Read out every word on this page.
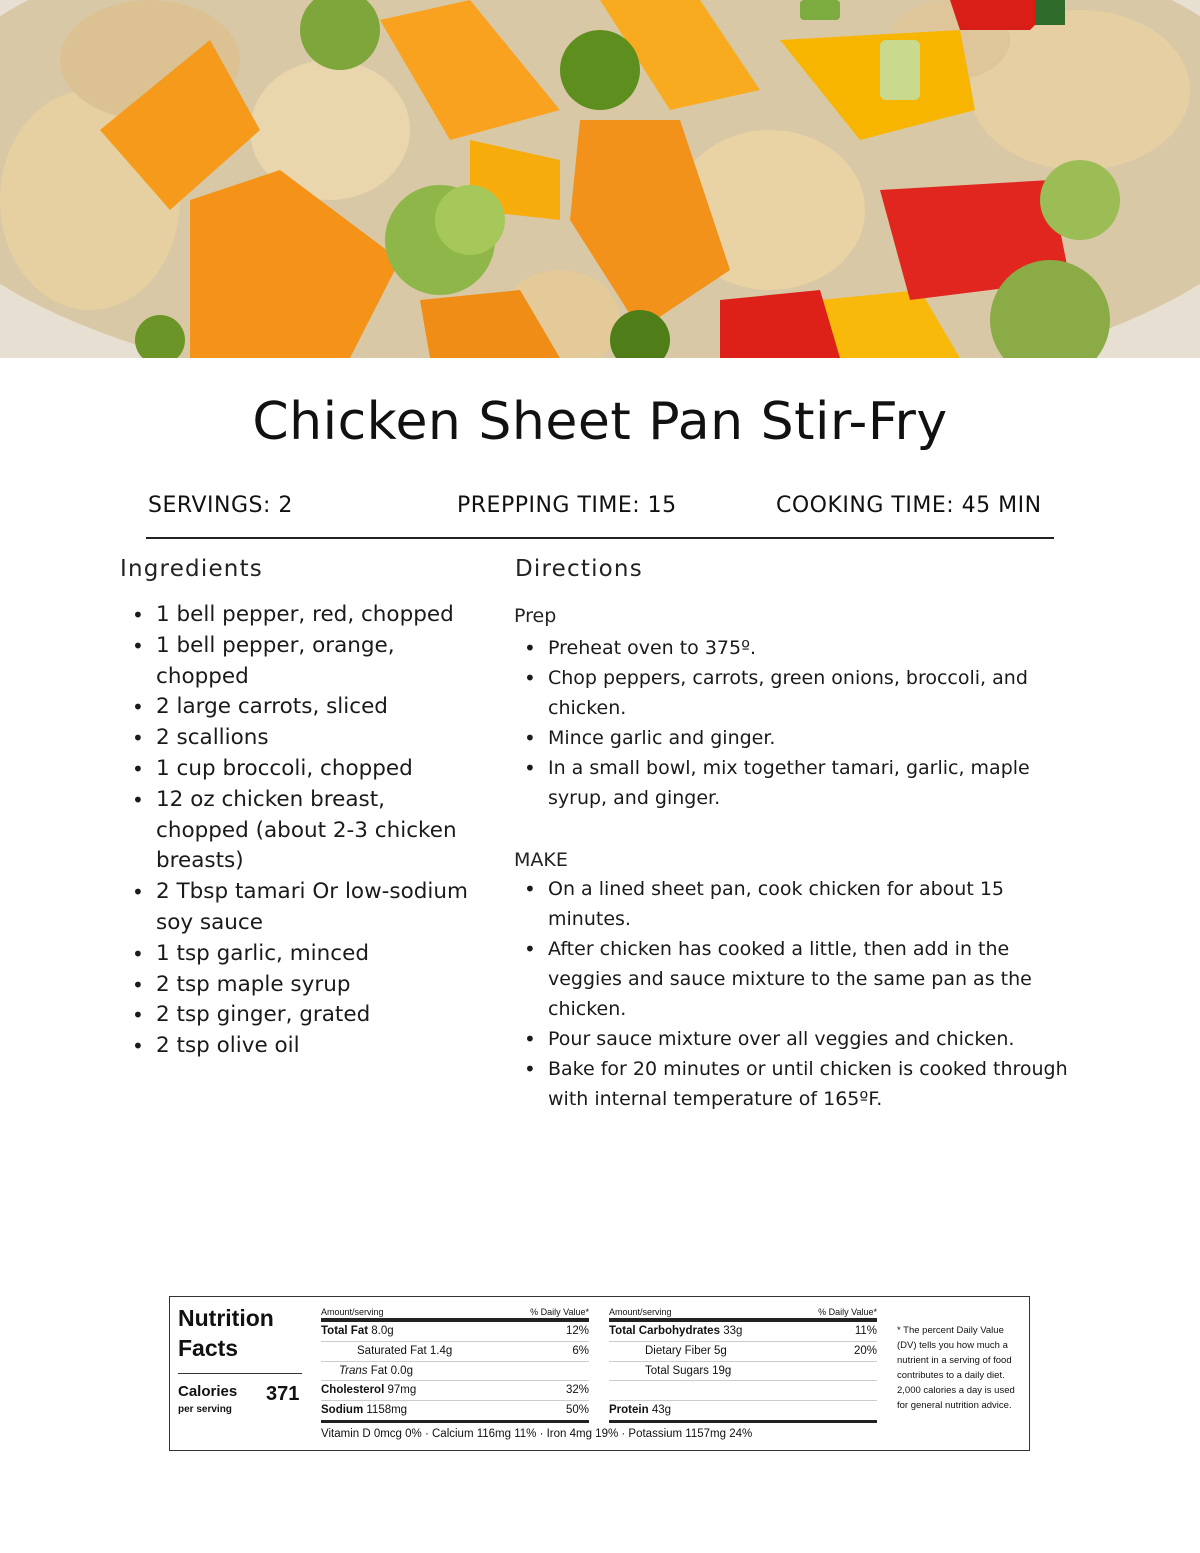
Chicken Sheet Pan Stir-Fry
SERVINGS: 2	PREPPING TIME: 15	COOKING TIME: 45 MIN
Ingredients	Directions
• 1 bell pepper, red, chopped
• 1 bell pepper, orange, chopped
• 2 large carrots, sliced
• 2 scallions
• 1 cup broccoli, chopped
• 12 oz chicken breast, chopped (about 2-3 chicken breasts)
• 2 Tbsp tamari Or low-sodium soy sauce
• 1 tsp garlic, minced
• 2 tsp maple syrup
• 2 tsp ginger, grated
• 2 tsp olive oil
Prep
• Preheat oven to 375º.
• Chop peppers, carrots, green onions, broccoli, and chicken.
• Mince garlic and ginger.
• In a small bowl, mix together tamari, garlic, maple syrup, and ginger.
MAKE
• On a lined sheet pan, cook chicken for about 15 minutes.
• After chicken has cooked a little, then add in the veggies and sauce mixture to the same pan as the chicken.
• Pour sauce mixture over all veggies and chicken.
• Bake for 20 minutes or until chicken is cooked through with internal temperature of 165ºF.
Nutrition Facts
Calories 371
per serving
Amount/serving	% Daily Value*
Total Fat 8.0g	12%
Saturated Fat 1.4g	6%
Trans Fat 0.0g
Cholesterol 97mg	32%
Sodium 1158mg	50%
Amount/serving	% Daily Value*
Total Carbohydrates 33g	11%
Dietary Fiber 5g	20%
Total Sugars 19g
Protein 43g
Vitamin D 0mcg 0% · Calcium 116mg 11% · Iron 4mg 19% · Potassium 1157mg 24%
* The percent Daily Value (DV) tells you how much a nutrient in a serving of food contributes to a daily diet. 2,000 calories a day is used for general nutrition advice.
